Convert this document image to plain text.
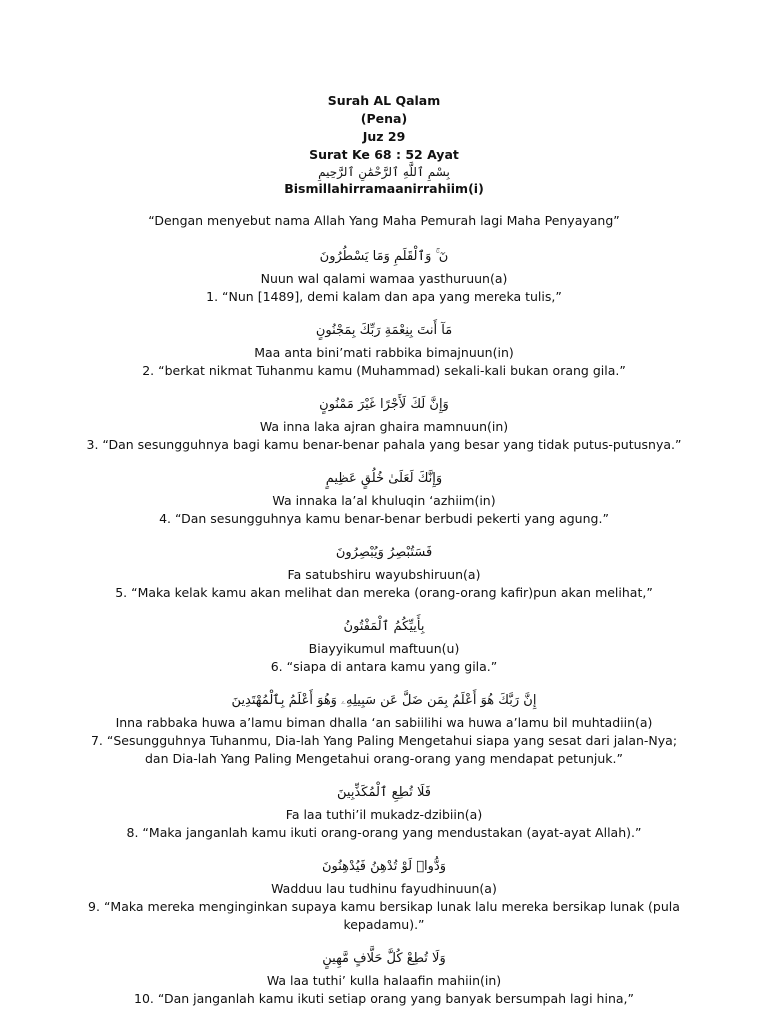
Surah AL Qalam

(Pena)

Juz 29

Surat Ke 68 : 52 Ayat

بِسْمِ ٱللَّهِ ٱلرَّحْمَٰنِ ٱلرَّحِيمِ

Bismillahirramaanirrahiim(i)

“Dengan menyebut nama Allah Yang Maha Pemurah lagi Maha Penyayang”

نٓ ۚ وَٱلْقَلَمِ وَمَا يَسْطُرُونَ

Nuun wal qalami wamaa yasthuruun(a)

1. “Nun [1489], demi kalam dan apa yang mereka tulis,”

مَآ أَنتَ بِنِعْمَةِ رَبِّكَ بِمَجْنُونٍ

Maa anta bini’mati rabbika bimajnuun(in)

2. “berkat nikmat Tuhanmu kamu (Muhammad) sekali-kali bukan orang gila.”

وَإِنَّ لَكَ لَأَجْرًا غَيْرَ مَمْنُونٍ

Wa inna laka ajran ghaira mamnuun(in)

3. “Dan sesungguhnya bagi kamu benar-benar pahala yang besar yang tidak putus-putusnya.”

وَإِنَّكَ لَعَلَىٰ خُلُقٍ عَظِيمٍ

Wa innaka la’al khuluqin ‘azhiim(in)

4. “Dan sesungguhnya kamu benar-benar berbudi pekerti yang agung.”

فَسَتُبْصِرُ وَيُبْصِرُونَ

Fa satubshiru wayubshiruun(a)

5. “Maka kelak kamu akan melihat dan mereka (orang-orang kafir)pun akan melihat,”

بِأَييِّكُمُ ٱلْمَفْتُونُ

Biayyikumul maftuun(u)

6. “siapa di antara kamu yang gila.”

إِنَّ رَبَّكَ هُوَ أَعْلَمُ بِمَن ضَلَّ عَن سَبِيلِهِۦ وَهُوَ أَعْلَمُ بِٱلْمُهْتَدِينَ

Inna rabbaka huwa a’lamu biman dhalla ‘an sabiilihi wa huwa a’lamu bil muhtadiin(a)

7. “Sesungguhnya Tuhanmu, Dia-lah Yang Paling Mengetahui siapa yang sesat dari jalan-Nya; dan Dia-lah Yang Paling Mengetahui orang-orang yang mendapat petunjuk.”

فَلَا تُطِعِ ٱلْمُكَذِّبِينَ

Fa laa tuthi’il mukadz-dzibiin(a)

8. “Maka janganlah kamu ikuti orang-orang yang mendustakan (ayat-ayat Allah).”

وَدُّوا۟ لَوْ تُدْهِنُ فَيُدْهِنُونَ

Wadduu lau tudhinu fayudhinuun(a)

9. “Maka mereka menginginkan supaya kamu bersikap lunak lalu mereka bersikap lunak (pula kepadamu).”

وَلَا تُطِعْ كُلَّ حَلَّافٍ مَّهِينٍ

Wa laa tuthi’ kulla halaafin mahiin(in)

10. “Dan janganlah kamu ikuti setiap orang yang banyak bersumpah lagi hina,”
